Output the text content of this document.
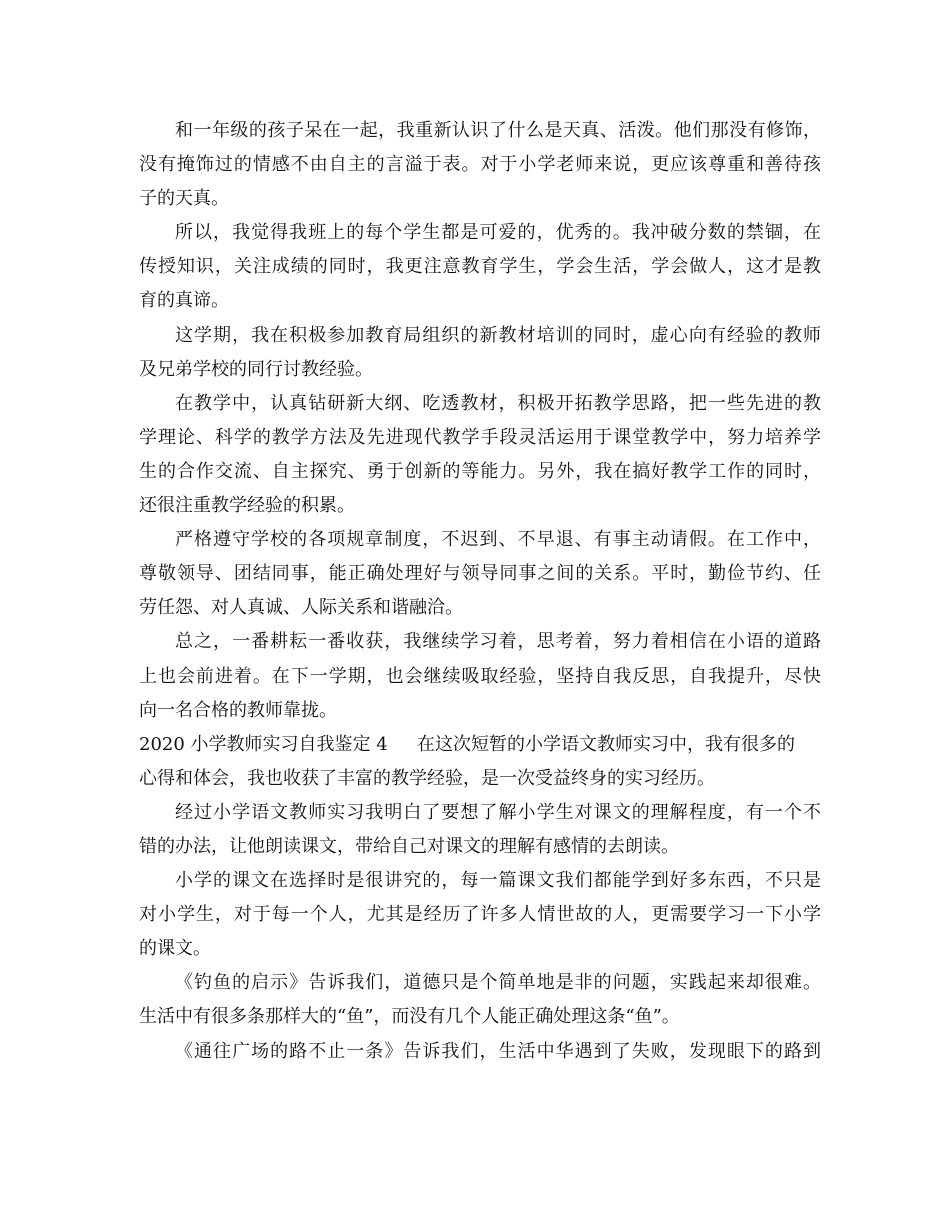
和一年级的孩子呆在一起，我重新认识了什么是天真、活泼。他们那没有修饰，
没有掩饰过的情感不由自主的言溢于表。对于小学老师来说，更应该尊重和善待孩
子的天真。
所以，我觉得我班上的每个学生都是可爱的，优秀的。我冲破分数的禁锢，在
传授知识，关注成绩的同时，我更注意教育学生，学会生活，学会做人，这才是教
育的真谛。
这学期，我在积极参加教育局组织的新教材培训的同时，虚心向有经验的教师
及兄弟学校的同行讨教经验。
在教学中，认真钻研新大纲、吃透教材，积极开拓教学思路，把一些先进的教
学理论、科学的教学方法及先进现代教学手段灵活运用于课堂教学中，努力培养学
生的合作交流、自主探究、勇于创新的等能力。另外，我在搞好教学工作的同时，
还很注重教学经验的积累。
严格遵守学校的各项规章制度，不迟到、不早退、有事主动请假。在工作中，
尊敬领导、团结同事，能正确处理好与领导同事之间的关系。平时，勤俭节约、任
劳任怨、对人真诚、人际关系和谐融洽。
总之，一番耕耘一番收获，我继续学习着，思考着，努力着相信在小语的道路
上也会前进着。在下一学期，也会继续吸取经验，坚持自我反思，自我提升，尽快
向一名合格的教师靠拢。
2020 小学教师实习自我鉴定 4 在这次短暂的小学语文教师实习中，我有很多的
心得和体会，我也收获了丰富的教学经验，是一次受益终身的实习经历。
经过小学语文教师实习我明白了要想了解小学生对课文的理解程度，有一个不
错的办法，让他朗读课文，带给自己对课文的理解有感情的去朗读。
小学的课文在选择时是很讲究的，每一篇课文我们都能学到好多东西，不只是
对小学生，对于每一个人，尤其是经历了许多人情世故的人，更需要学习一下小学
的课文。
《钓鱼的启示》告诉我们，道德只是个简单地是非的问题，实践起来却很难。
生活中有很多条那样大的“鱼”，而没有几个人能正确处理这条“鱼”。
《通往广场的路不止一条》告诉我们，生活中华遇到了失败，发现眼下的路到
